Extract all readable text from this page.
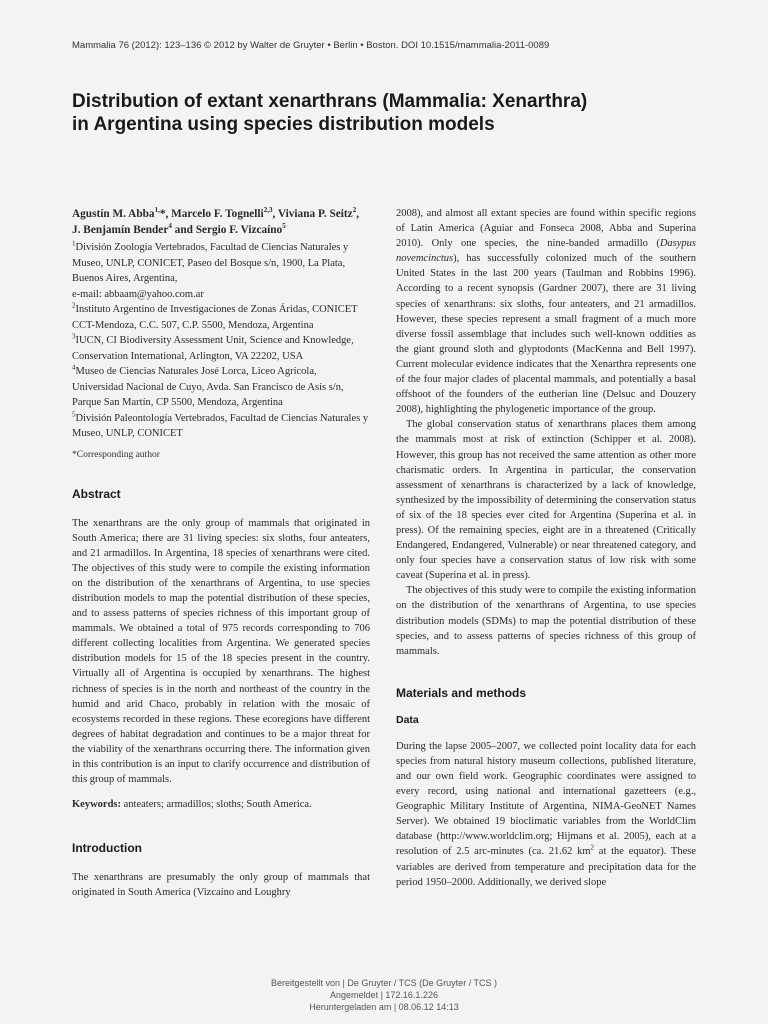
Mammalia 76 (2012): 123–136 © 2012 by Walter de Gruyter • Berlin • Boston. DOI 10.1515/mammalia-2011-0089
Distribution of extant xenarthrans (Mammalia: Xenarthra)
in Argentina using species distribution models

Agustín M. Abba$^{1,}$*, Marcelo F. Tognelli$^{2,3}$, Viviana P. Seitz$^2$, J. Benjamín Bender$^4$ and Sergio F. Vizcaíno$^5$

$^1$División Zoología Vertebrados, Facultad de Ciencias Naturales y Museo, UNLP, CONICET, Paseo del Bosque s/n, 1900, La Plata, Buenos Aires, Argentina,

e-mail: abbaam@yahoo.com.ar

$^2$Instituto Argentino de Investigaciones de Zonas Áridas, CONICET CCT-Mendoza, C.C. 507, C.P. 5500, Mendoza, Argentina

$^3$IUCN, CI Biodiversity Assessment Unit, Science and Knowledge, Conservation International, Arlington, VA 22202, USA

$^4$Museo de Ciencias Naturales José Lorca, Liceo Agrícola, Universidad Nacional de Cuyo, Avda. San Francisco de Asís s/n, Parque San Martín, CP 5500, Mendoza, Argentina

$^5$División Paleontología Vertebrados, Facultad de Ciencias Naturales y Museo, UNLP, CONICET

*Corresponding author

Abstract

The xenarthrans are the only group of mammals that originated in South America; there are 31 living species: six sloths, four anteaters, and 21 armadillos. In Argentina, 18 species of xenarthrans were cited. The objectives of this study were to compile the existing information on the distribution of the xenarthrans of Argentina, to use species distribution models to map the potential distribution of these species, and to assess patterns of species richness of this important group of mammals. We obtained a total of 975 records corresponding to 706 different collecting localities from Argentina. We generated species distribution models for 15 of the 18 species present in the country. Virtually all of Argentina is occupied by xenarthrans. The highest richness of species is in the north and northeast of the country in the humid and arid Chaco, probably in relation with the mosaic of ecosystems recorded in these regions. These ecoregions have different degrees of habitat degradation and continues to be a major threat for the viability of the xenarthrans occurring there. The information given in this contribution is an input to clarify occurrence and distribution of this group of mammals.

Keywords: anteaters; armadillos; sloths; South America.

Introduction

The xenarthrans are presumably the only group of mammals that originated in South America (Vizcaíno and Loughry

2008), and almost all extant species are found within specific regions of Latin America (Aguiar and Fonseca 2008, Abba and Superina 2010). Only one species, the nine-banded armadillo (Dasypus novemcinctus), has successfully colonized much of the southern United States in the last 200 years (Taulman and Robbins 1996). According to a recent synopsis (Gardner 2007), there are 31 living species of xenarthrans: six sloths, four anteaters, and 21 armadillos. However, these species represent a small fragment of a much more diverse fossil assemblage that includes such well-known oddities as the giant ground sloth and glyptodonts (MacKenna and Bell 1997). Current molecular evidence indicates that the Xenarthra represents one of the four major clades of placental mammals, and potentially a basal offshoot of the founders of the eutherian line (Delsuc and Douzery 2008), highlighting the phylogenetic importance of the group.

The global conservation status of xenarthrans places them among the mammals most at risk of extinction (Schipper et al. 2008). However, this group has not received the same attention as other more charismatic orders. In Argentina in particular, the conservation assessment of xenarthrans is characterized by a lack of knowledge, synthesized by the impossibility of determining the conservation status of six of the 18 species ever cited for Argentina (Superina et al. in press). Of the remaining species, eight are in a threatened (Critically Endangered, Endangered, Vulnerable) or near threatened category, and only four species have a conservation status of low risk with some caveat (Superina et al. in press).

The objectives of this study were to compile the existing information on the distribution of the xenarthrans of Argentina, to use species distribution models (SDMs) to map the potential distribution of these species, and to assess patterns of species richness of this group of mammals.

Materials and methods
Data

During the lapse 2005–2007, we collected point locality data for each species from natural history museum collections, published literature, and our own field work. Geographic coordinates were assigned to every record, using national and international gazetteers (e.g., Geographic Military Institute of Argentina, NIMA-GeoNET Names Server). We obtained 19 bioclimatic variables from the WorldClim database (http://www.worldclim.org; Hijmans et al. 2005), each at a resolution of 2.5 arc-minutes (ca. 21.62 $km^2$ at the equator). These variables are derived from temperature and precipitation data for the period 1950–2000. Additionally, we derived slope

Bereitgestellt von | De Gruyter / TCS (De Gruyter / TCS )
Angemeldet | 172.16.1.226
Heruntergeladen am | 08.06.12 14:13
